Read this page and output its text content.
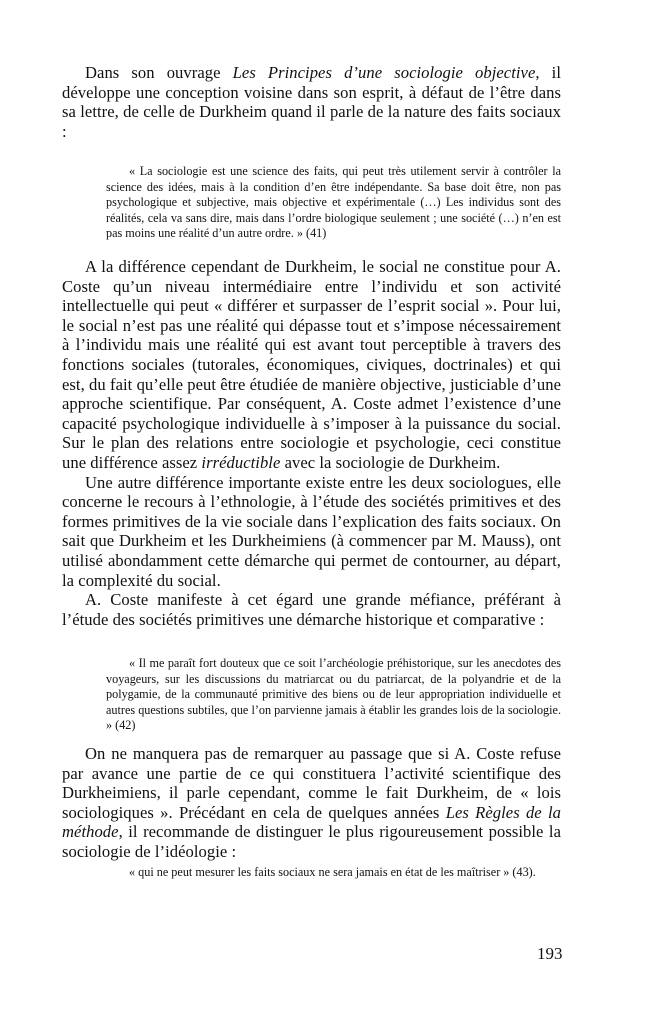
Dans son ouvrage Les Principes d’une sociologie objective, il développe une conception voisine dans son esprit, à défaut de l’être dans sa lettre, de celle de Durkheim quand il parle de la nature des faits sociaux :

« La sociologie est une science des faits, qui peut très utilement servir à contrôler la science des idées, mais à la condition d’en être indépendante. Sa base doit être, non pas psychologique et subjective, mais objective et expérimentale (…) Les individus sont des réalités, cela va sans dire, mais dans l’ordre biologique seulement ; une société (…) n’en est pas moins une réalité d’un autre ordre. » (41)

A la différence cependant de Durkheim, le social ne constitue pour A. Coste qu’un niveau intermédiaire entre l’individu et son activité intellectuelle qui peut « différer et surpasser de l’esprit social ». Pour lui, le social n’est pas une réalité qui dépasse tout et s’impose nécessairement à l’individu mais une réalité qui est avant tout perceptible à travers des fonctions sociales (tutorales, économiques, civiques, doctrinales) et qui est, du fait qu’elle peut être étudiée de manière objective, justiciable d’une approche scientifique. Par conséquent, A. Coste admet l’existence d’une capacité psychologique individuelle à s’imposer à la puissance du social. Sur le plan des relations entre sociologie et psychologie, ceci constitue une différence assez irréductible avec la sociologie de Durkheim.

Une autre différence importante existe entre les deux sociologues, elle concerne le recours à l’ethnologie, à l’étude des sociétés primitives et des formes primitives de la vie sociale dans l’explication des faits sociaux. On sait que Durkheim et les Durkheimiens (à commencer par M. Mauss), ont utilisé abondamment cette démarche qui permet de contourner, au départ, la complexité du social.

A. Coste manifeste à cet égard une grande méfiance, préférant à l’étude des sociétés primitives une démarche historique et comparative :

« Il me paraît fort douteux que ce soit l’archéologie préhistorique, sur les anecdotes des voyageurs, sur les discussions du matriarcat ou du patriarcat, de la polyandrie et de la polygamie, de la communauté primitive des biens ou de leur appropriation individuelle et autres questions subtiles, que l’on parvienne jamais à établir les grandes lois de la sociologie. » (42)

On ne manquera pas de remarquer au passage que si A. Coste refuse par avance une partie de ce qui constituera l’activité scientifique des Durkheimiens, il parle cependant, comme le fait Durkheim, de « lois sociologiques ». Précédant en cela de quelques années Les Règles de la méthode, il recommande de distinguer le plus rigoureusement possible la sociologie de l’idéologie :

« qui ne peut mesurer les faits sociaux ne sera jamais en état de les maîtriser » (43).

193
